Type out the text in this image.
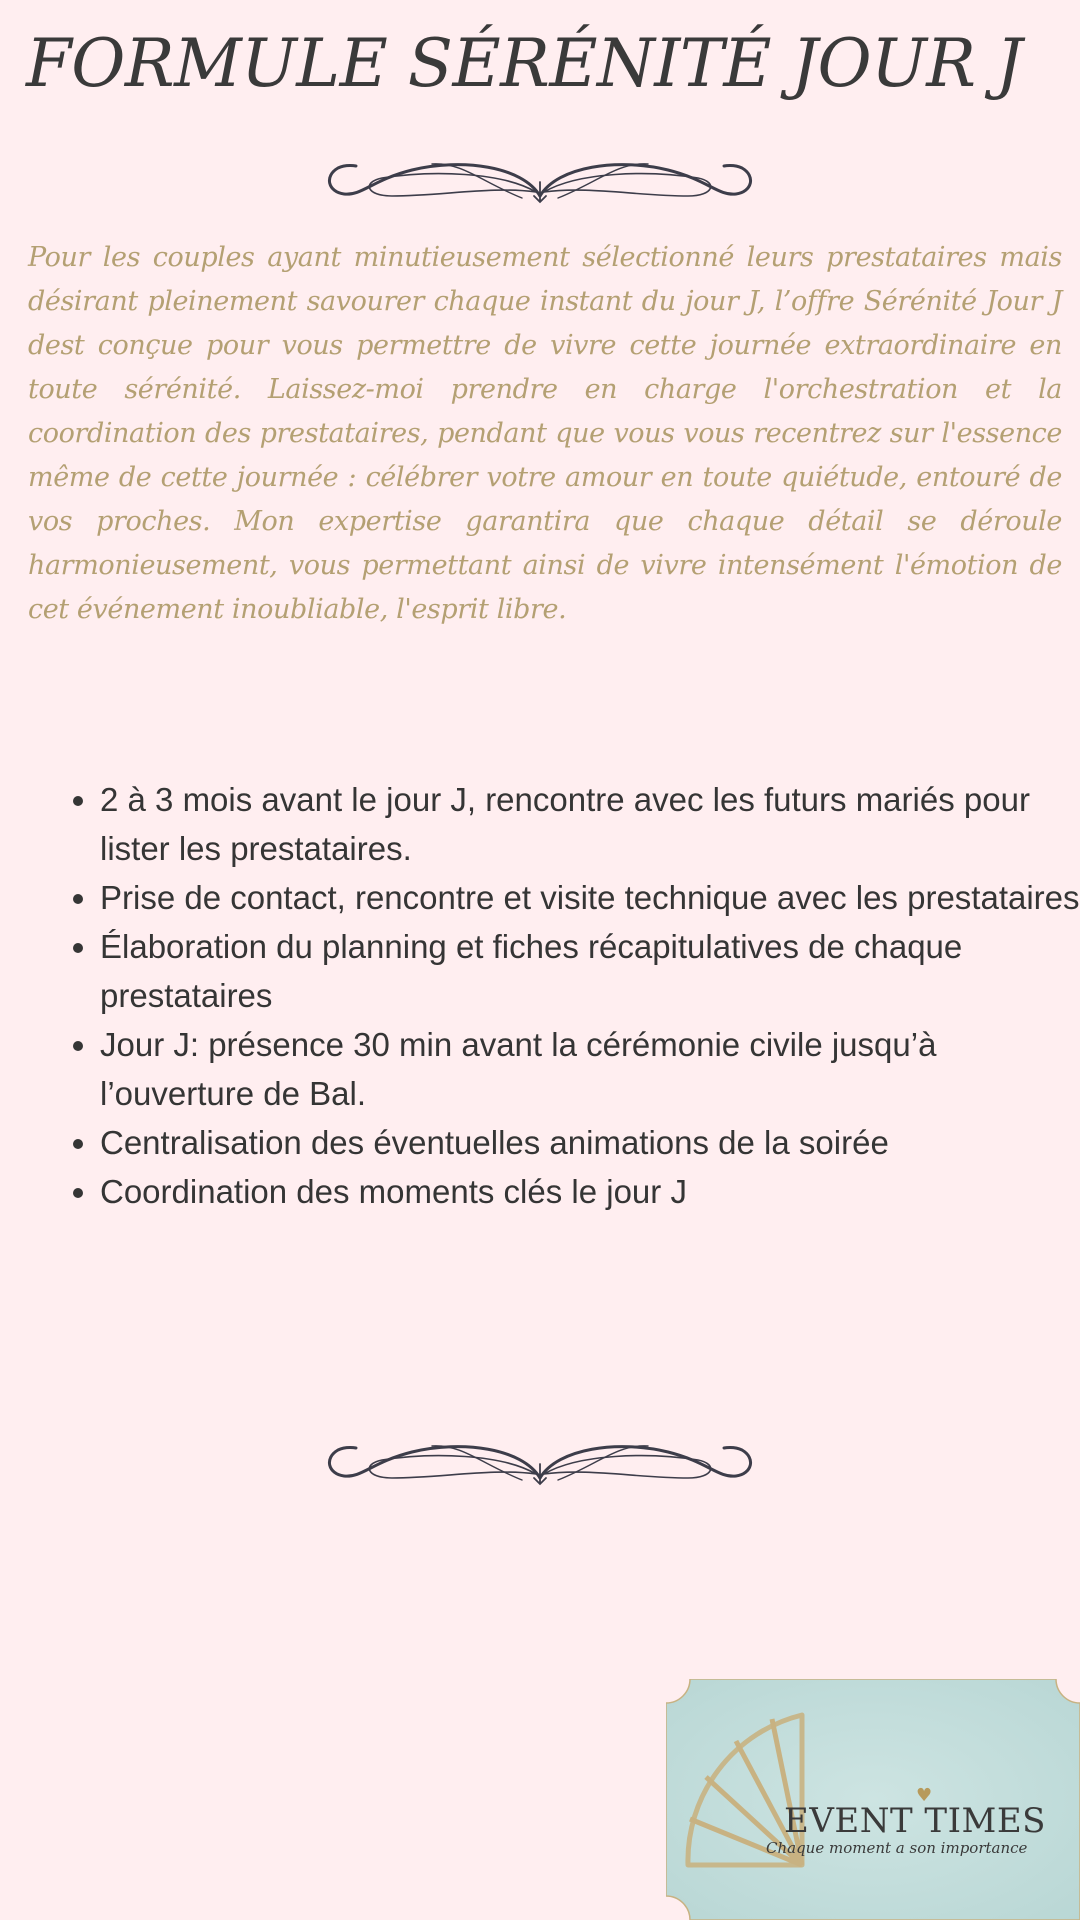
FORMULE SÉRÉNITÉ JOUR J

Pour les couples ayant minutieusement sélectionné leurs prestataires mais désirant pleinement savourer chaque instant du jour J, l’offre Sérénité Jour J dest conçue pour vous permettre de vivre cette journée extraordinaire en toute sérénité. Laissez-moi prendre en charge l'orchestration et la coordination des prestataires, pendant que vous vous recentrez sur l'essence même de cette journée : célébrer votre amour en toute quiétude, entouré de vos proches. Mon expertise garantira que chaque détail se déroule harmonieusement, vous permettant ainsi de vivre intensément l'émotion de cet événement inoubliable, l'esprit libre.

• 2 à 3 mois avant le jour J, rencontre avec les futurs mariés pour lister les prestataires.
• Prise de contact, rencontre et visite technique avec les prestataires
• Élaboration du planning et fiches récapitulatives de chaque prestataires
• Jour J: présence 30 min avant la cérémonie civile jusqu’à l’ouverture de Bal.
• Centralisation des éventuelles animations de la soirée
• Coordination des moments clés le jour J
♥
EVENT TIMES
Chaque moment a son importance
